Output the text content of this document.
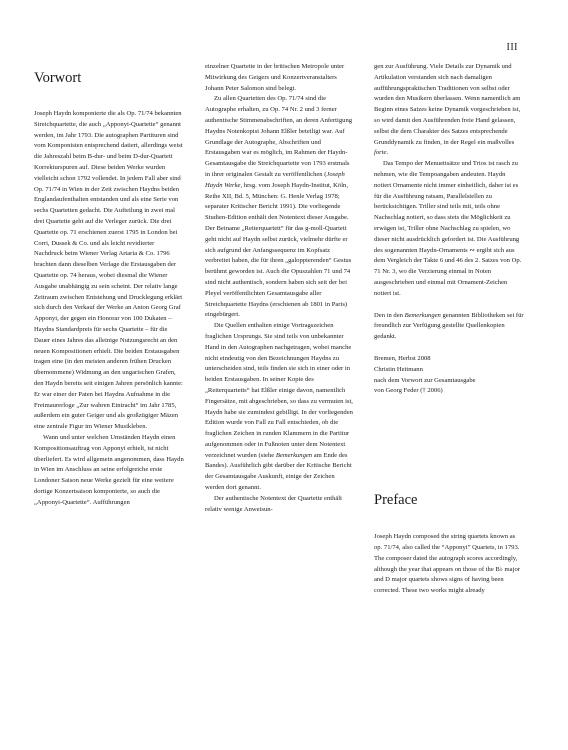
III
Vorwort

Joseph Haydn komponierte die als Op. 71/74 bekannten Streichquartette, die auch „Apponyi-Quartette“ genannt werden, im Jahr 1793. Die autographen Partituren sind vom Komponisten entsprechend datiert, allerdings weist die Jahreszahl beim B-dur- und beim D-dur-Quartett Korrekturspuren auf. Diese beiden Werke wurden vielleicht schon 1792 vollendet. In jedem Fall aber sind Op. 71/74 in Wien in der Zeit zwischen Haydns beiden Englandaufenthalten entstanden und als eine Serie von sechs Quartetten gedacht. Die Aufteilung in zwei mal drei Quartette geht auf die Verleger zurück. Die drei Quartette op. 71 erschienen zuerst 1795 in London bei Corri, Dussek & Co. und als leicht revidierter Nachdruck beim Wiener Verlag Artaria & Co. 1796 brachten dann dieselben Verlage die Erstausgaben der Quartette op. 74 heraus, wobei diesmal die Wiener Ausgabe unabhängig zu sein scheint. Der relativ lange Zeitraum zwischen Entstehung und Drucklegung erklärt sich durch den Verkauf der Werke an Anton Georg Graf Apponyi, der gegen ein Honorar von 100 Dukaten – Haydns Standardpreis für sechs Quartette – für die Dauer eines Jahres das alleinige Nutzungsrecht an den neuen Kompositionen erhielt. Die beiden Erstausgaben tragen eine (in den meisten anderen frühen Drucken übernommene) Widmung an den ungarischen Grafen, den Haydn bereits seit einigen Jahren persönlich kannte: Er war einer der Paten bei Haydns Aufnahme in die Freimaurerloge „Zur wahren Eintracht“ im Jahr 1785, außerdem ein guter Geiger und als großzügiger Mäzen eine zentrale Figur im Wiener Musikleben.

Wann und unter welchen Umständen Haydn einen Kompositionsauftrag von Apponyi erhielt, ist nicht überliefert. Es wird allgemein angenommen, dass Haydn in Wien im Anschluss an seine erfolgreiche erste Londoner Saison neue Werke gezielt für eine weitere dortige Konzertsaison komponierte, so auch die „Apponyi-Quartette“. Aufführungen

einzelner Quartette in der britischen Metropole unter Mitwirkung des Geigers und Konzertveranstalters Johann Peter Salomon sind belegt.

Zu allen Quartetten des Op. 71/74 sind die Autographe erhalten, zu Op. 74 Nr. 2 und 3 ferner authentische Stimmenabschriften, an deren Anfertigung Haydns Notenkopist Johann Elßler beteiligt war. Auf Grundlage der Autographe, Abschriften und Erstausgaben war es möglich, im Rahmen der Haydn-Gesamtausgabe die Streichquartette von 1793 erstmals in ihrer originalen Gestalt zu veröffentlichen (Joseph Haydn Werke, hrsg. vom Joseph Haydn-Institut, Köln, Reihe XII, Bd. 5, München: G. Henle Verlag 1978; separater Kritischer Bericht 1991). Die vorliegende Studien-Edition enthält den Notentext dieser Ausgabe. Der Beiname „Reiterquartett“ für das g-moll-Quartett geht nicht auf Haydn selbst zurück, vielmehr dürfte er sich aufgrund der Anfangssequenz im Kopfsatz verbreitet haben, die für ihren „galoppierenden“ Gestus berühmt geworden ist. Auch die Opuszahlen 71 und 74 sind nicht authentisch, sondern haben sich seit der bei Pleyel veröffentlichten Gesamtausgabe aller Streichquartette Haydns (erschienen ab 1801 in Paris) eingebürgert.

Die Quellen enthalten einige Vortragszeichen fraglichen Ursprungs. Sie sind teils von unbekannter Hand in den Autographen nachgetragen, wobei manche nicht eindeutig von den Bezeichnungen Haydns zu unterscheiden sind, teils finden sie sich in einer oder in beiden Erstausgaben. In seiner Kopie des „Reiterquartetts“ hat Elßler einige davon, namentlich Fingersätze, mit abgeschrieben, so dass zu vermuten ist, Haydn habe sie zumindest gebilligt. In der vorliegenden Edition wurde von Fall zu Fall entschieden, ob die fraglichen Zeichen in runden Klammern in die Partitur aufgenommen oder in Fußnoten unter dem Notentext verzeichnet wurden (siehe Bemerkungen am Ende des Bandes). Ausführlich gibt darüber der Kritische Bericht der Gesamtausgabe Auskunft, einige der Zeichen werden dort genannt.

Der authentische Notentext der Quartette enthält relativ wenige Anweisun-

gen zur Ausführung. Viele Details zur Dynamik und Artikulation verstanden sich nach damaligen aufführungspraktischen Traditionen von selbst oder wurden den Musikern überlassen. Wenn namentlich am Beginn eines Satzes keine Dynamik vorgeschrieben ist, so wird damit den Ausführenden freie Hand gelassen, selbst die dem Charakter des Satzes entsprechende Grunddynamik zu finden, in der Regel ein maßvolles forte.

Das Tempo der Menuettsätze und Trios ist rasch zu nehmen, wie die Tempoangaben andeuten. Haydn notiert Ornamente nicht immer einheitlich, daher ist es für die Ausführung ratsam, Parallelstellen zu berücksichtigen. Triller sind teils mit, teils ohne Nachschlag notiert, so dass stets die Möglichkeit zu erwägen ist, Triller ohne Nachschlag zu spielen, wo dieser nicht ausdrücklich gefordert ist. Die Ausführung des sogenannten Haydn-Ornaments ∾ ergibt sich aus dem Vergleich der Takte 6 und 46 des 2. Satzes von Op. 71 Nr. 3, wo die Verzierung einmal in Noten ausgeschrieben und einmal mit Ornament-Zeichen notiert ist.

Den in den Bemerkungen genannten Bibliotheken sei für freundlich zur Verfügung gestellte Quellenkopien gedankt.

Bremen, Herbst 2008

Christin Heitmann

nach dem Vorwort zur Gesamtausgabe

von Georg Feder († 2006)

Preface

Joseph Haydn composed the string quartets known as op. 71/74, also called the “Apponyi” Quartets, in 1793. The composer dated the autograph scores accordingly, although the year that appears on those of the B♭ major and D major quartets shows signs of having been corrected. These two works might already
